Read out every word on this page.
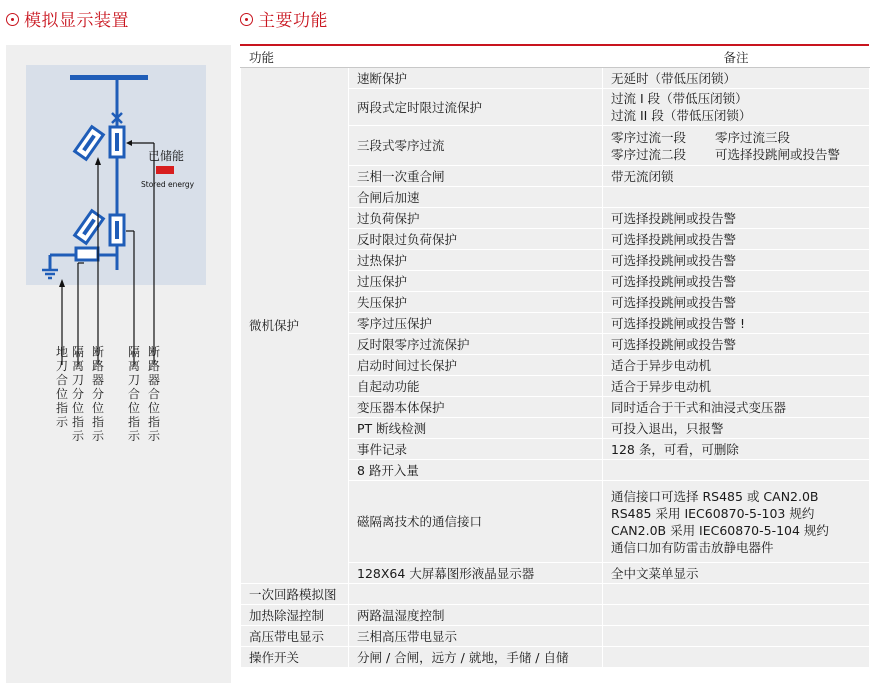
模拟显示装置	主要功能
已储能
Stored energy
地刀合位指示
隔离刀分位指示
断路器分位指示
隔离刀合位指示
断路器合位指示
功能		备注
微机保护	速断保护	无延时（带低压闭锁）

	两段式定时限过流保护	过流 I 段（带低压闭锁）
过流 II 段（带低压闭锁）

	三段式零序过流	零序过流一段 零序过流三段
零序过流二段 可选择投跳闸或投告警

	三相一次重合闸	带无流闭锁

	合闸后加速	

	过负荷保护	可选择投跳闸或投告警

	反时限过负荷保护	可选择投跳闸或投告警

	过热保护	可选择投跳闸或投告警

	过压保护	可选择投跳闸或投告警

	失压保护	可选择投跳闸或投告警

	零序过压保护	可选择投跳闸或投告警 !

	反时限零序过流保护	可选择投跳闸或投告警

	启动时间过长保护	适合于异步电动机

	自起动功能	适合于异步电动机

	变压器本体保护	同时适合于干式和油浸式变压器

	PT 断线检测	可投入退出，只报警

	事件记录	128 条，可看，可删除

	8 路开入量	

	磁隔离技术的通信接口	通信接口可选择 RS485 或 CAN2.0B
RS485 采用 IEC60870-5-103 规约
CAN2.0B 采用 IEC60870-5-104 规约
通信口加有防雷击放静电器件

	128X64 大屏幕图形液晶显示器	全中文菜单显示

一次回路模拟图		
加热除湿控制	两路温湿度控制	
高压带电显示	三相高压带电显示	
操作开关	分闸 / 合闸，远方 / 就地，手储 / 自储	
